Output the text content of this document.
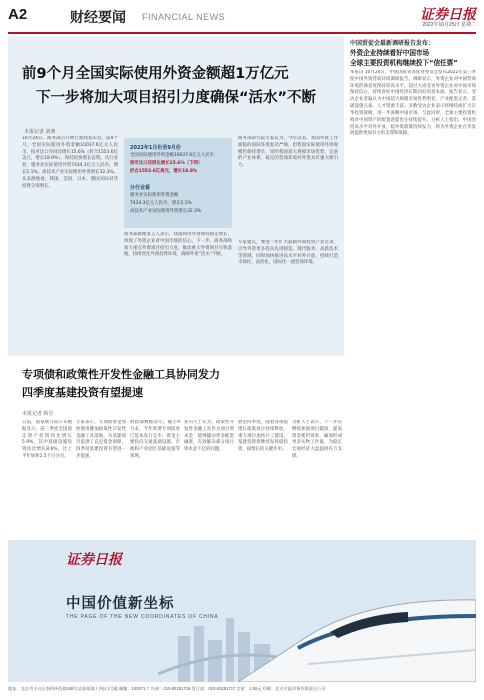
A2	财经要闻 FINANCIAL NEWS	证券日报
2022年10月25日 星期二
前9个月全国实际使用外资金额超1万亿元
下一步将加大项目招引力度确保“活水”不断
本报记者 刘萌
10月24日，商务部召开例行新闻发布会。前9个月，全国实际使用外资金额10037.6亿元人民币，按可比口径同比增长15.6%（折合1553.6亿美元，增长18.9%），保持较快增长态势。从行业看，服务业实际使用外资7434.3亿元人民币，增长5.1%，高技术产业实际使用外资增长32.3%。从来源地看，韩国、美国、日本、德国实际对华投资分别增长。
商务部新闻发言人表示，我国利用外资保持稳定增长，体现了外资企业对中国市场的信心。下一步，商务部将加大重点外资项目招引力度，推动重大外资项目尽快落地，持续优化外商投资环境，确保外资“活水”不断。
商务部研究院专家认为，今年以来，我国外资工作面临的国际环境复杂严峻，但我国实际使用外资规模仍保持增长，说明我国超大规模市场优势、完备的产业体系、稳定的营商环境对外资具有强大吸引力。
专家建议，要进一步扩大鼓励外商投资产业目录，引导外资更多投向先进制造、现代服务、高新技术等领域，同时加快推进高水平对外开放，持续打造市场化、法治化、国际化一流营商环境。
2022年1月份至9月份
全国实际使用外资金额10037.6亿元人民币
按可比口径同比增长15.6%（下同）
折合1553.6亿美元，增长18.9%
分行业看
服务业实际使用外资金额
7434.3亿元人民币，增长5.1%
高技术产业实际使用外资增长32.3%
中国贸促会最新调研报告发布：
外资企业持续看好中国市场
全球主要投资机构继续投下“信任票”
本报讯 10月24日，中国国际贸易促进委员会发布2022年第三季度中国外资营商环境调研报告。调研显示，外资企业对中国营商环境的满意度保持较高水平，超过九成受访外资企业对中国市场保持信心，持续看好中国经济长期向好的基本面。报告显示，受访企业普遍认为中国超大规模市场优势明显，产业配套完善，基础设施完备，人才资源丰富。多数受访企业表示将维持或扩大在华投资规模，进一步深耕中国市场。与此同时，全球主要投资机构对中国资产的配置意愿也在持续提升。分析人士指出，中国坚持高水平对外开放，稳外资政策持续发力，将为外资企业在华发展提供更加有力的支撑和保障。
专项债和政策性开发性金融工具协同发力
四季度基建投资有望提速
本报记者 韩昱
日前，国家统计局公布数据显示，前三季度全国固定资产投资同比增长5.9%，其中基础设施投资同比增长8.6%，比上半年加快1.5个百分点。
专家表示，专项债资金加快使用叠加政策性开发性金融工具落地，为基建项目提供了充足资金保障，四季度基建投资有望进一步提速。
财政部数据显示，截至9月末，今年新增专项债券已基本发行完毕，资金主要投向交通基础设施、市政和产业园区基础设施等领域。
业内人士认为，政策性开发性金融工具作为项目资本金，能够撬动更多配套融资，有效解决部分项目资本金不足的问题。
展望四季度，随着各项稳增长政策效应持续释放，重大项目加快开工建设，基建投资将继续发挥稳投资、稳增长的关键作用。
分析人士表示，下一步应继续加强项目储备，提高资金使用效率，确保形成更多实物工作量，为稳定宏观经济大盘提供有力支撑。
证券日报
中国价值新坐标
THE PAGE OF THE NEW COORDINATES OF CHINA
地址：北京市丰台区南四环西路188号总部基地十四区1号楼 邮编：100071 广告部：010-83251716 发行部：010-83251717 定价：1.50元 印刷：北京京报印务有限责任公司
